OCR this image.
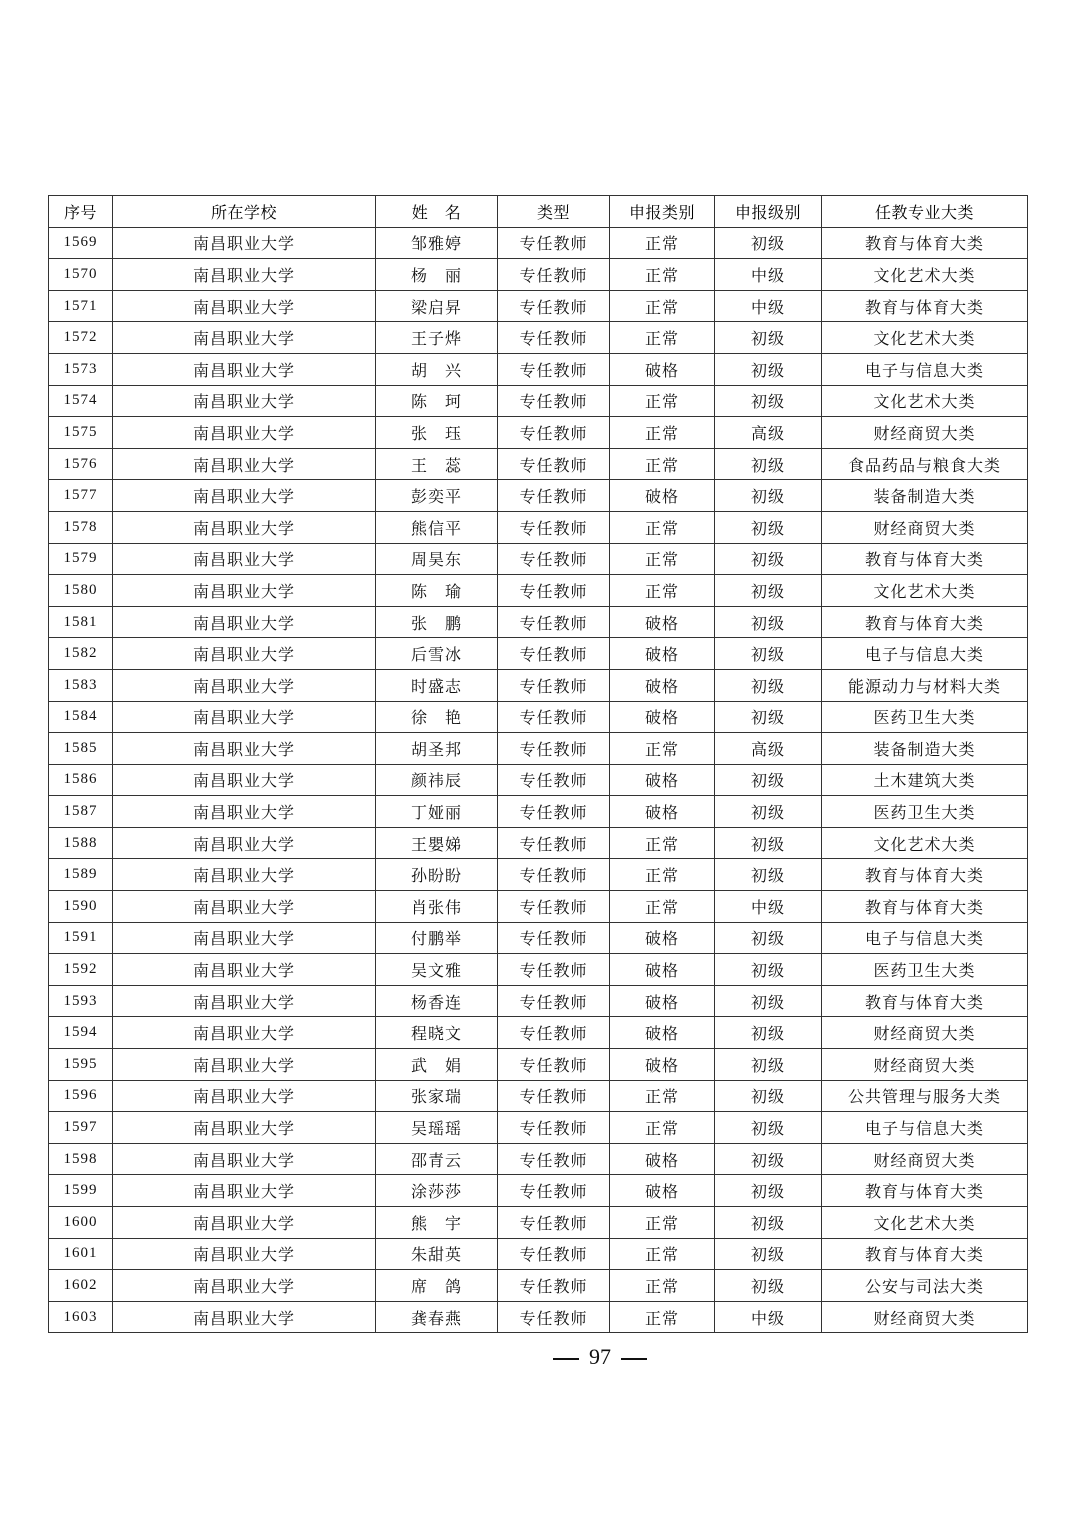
序号	所在学校	姓　名	类型	申报类别	申报级别	任教专业大类
1569	南昌职业大学	邹雅婷	专任教师	正常	初级	教育与体育大类
1570	南昌职业大学	杨　丽	专任教师	正常	中级	文化艺术大类
1571	南昌职业大学	梁启昇	专任教师	正常	中级	教育与体育大类
1572	南昌职业大学	王子烨	专任教师	正常	初级	文化艺术大类
1573	南昌职业大学	胡　兴	专任教师	破格	初级	电子与信息大类
1574	南昌职业大学	陈　珂	专任教师	正常	初级	文化艺术大类
1575	南昌职业大学	张　珏	专任教师	正常	高级	财经商贸大类
1576	南昌职业大学	王　蕊	专任教师	正常	初级	食品药品与粮食大类
1577	南昌职业大学	彭奕平	专任教师	破格	初级	装备制造大类
1578	南昌职业大学	熊信平	专任教师	正常	初级	财经商贸大类
1579	南昌职业大学	周昊东	专任教师	正常	初级	教育与体育大类
1580	南昌职业大学	陈　瑜	专任教师	正常	初级	文化艺术大类
1581	南昌职业大学	张　鹏	专任教师	破格	初级	教育与体育大类
1582	南昌职业大学	后雪冰	专任教师	破格	初级	电子与信息大类
1583	南昌职业大学	时盛志	专任教师	破格	初级	能源动力与材料大类
1584	南昌职业大学	徐　艳	专任教师	破格	初级	医药卫生大类
1585	南昌职业大学	胡圣邦	专任教师	正常	高级	装备制造大类
1586	南昌职业大学	颜祎辰	专任教师	破格	初级	土木建筑大类
1587	南昌职业大学	丁娅丽	专任教师	破格	初级	医药卫生大类
1588	南昌职业大学	王嬰娣	专任教师	正常	初级	文化艺术大类
1589	南昌职业大学	孙盼盼	专任教师	正常	初级	教育与体育大类
1590	南昌职业大学	肖张伟	专任教师	正常	中级	教育与体育大类
1591	南昌职业大学	付鹏举	专任教师	破格	初级	电子与信息大类
1592	南昌职业大学	吴文雅	专任教师	破格	初级	医药卫生大类
1593	南昌职业大学	杨香连	专任教师	破格	初级	教育与体育大类
1594	南昌职业大学	程晓文	专任教师	破格	初级	财经商贸大类
1595	南昌职业大学	武　娟	专任教师	破格	初级	财经商贸大类
1596	南昌职业大学	张家瑞	专任教师	正常	初级	公共管理与服务大类
1597	南昌职业大学	吴瑶瑶	专任教师	正常	初级	电子与信息大类
1598	南昌职业大学	邵青云	专任教师	破格	初级	财经商贸大类
1599	南昌职业大学	涂莎莎	专任教师	破格	初级	教育与体育大类
1600	南昌职业大学	熊　宇	专任教师	正常	初级	文化艺术大类
1601	南昌职业大学	朱甜英	专任教师	正常	初级	教育与体育大类
1602	南昌职业大学	席　鸽	专任教师	正常	初级	公安与司法大类
1603	南昌职业大学	龚春燕	专任教师	正常	中级	财经商贸大类
97
